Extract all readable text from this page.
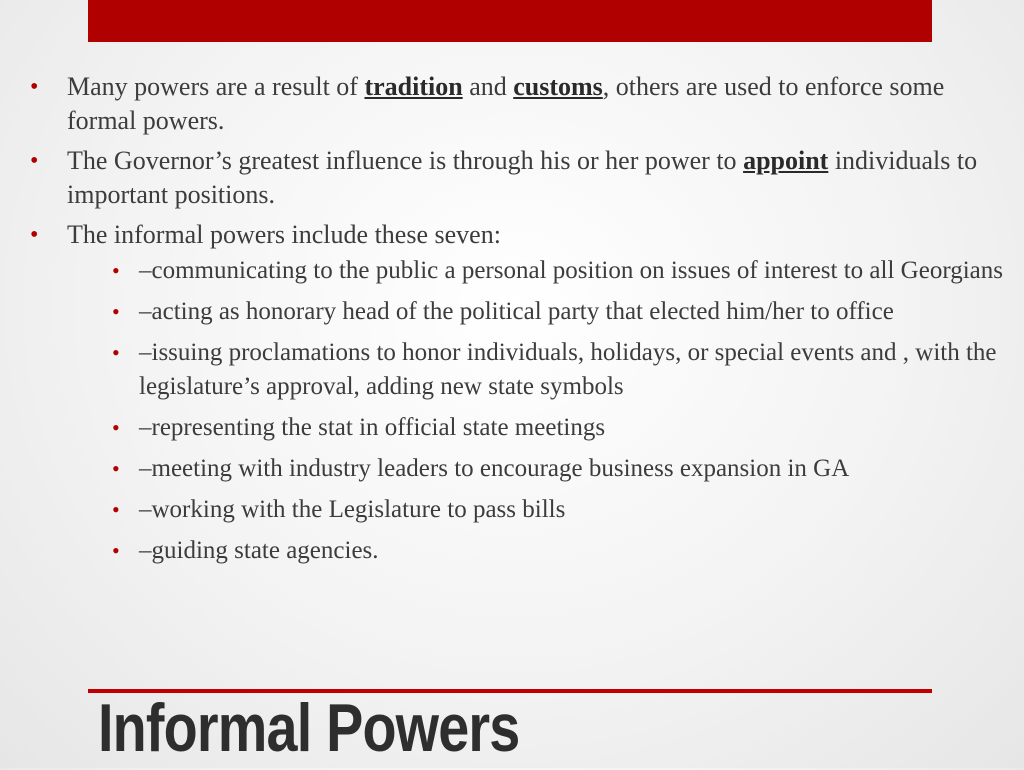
• Many powers are a result of tradition and customs, others are used to enforce some formal powers.
• The Governor’s greatest influence is through his or her power to appoint individuals to important positions.
• The informal powers include these seven:
• –communicating to the public a personal position on issues of interest to all Georgians
• –acting as honorary head of the political party that elected him/her to office
• –issuing proclamations to honor individuals, holidays, or special events and , with the legislature’s approval, adding new state symbols
• –representing the stat in official state meetings
• –meeting with industry leaders to encourage business expansion in GA
• –working with the Legislature to pass bills
• –guiding state agencies.
Informal Powers
